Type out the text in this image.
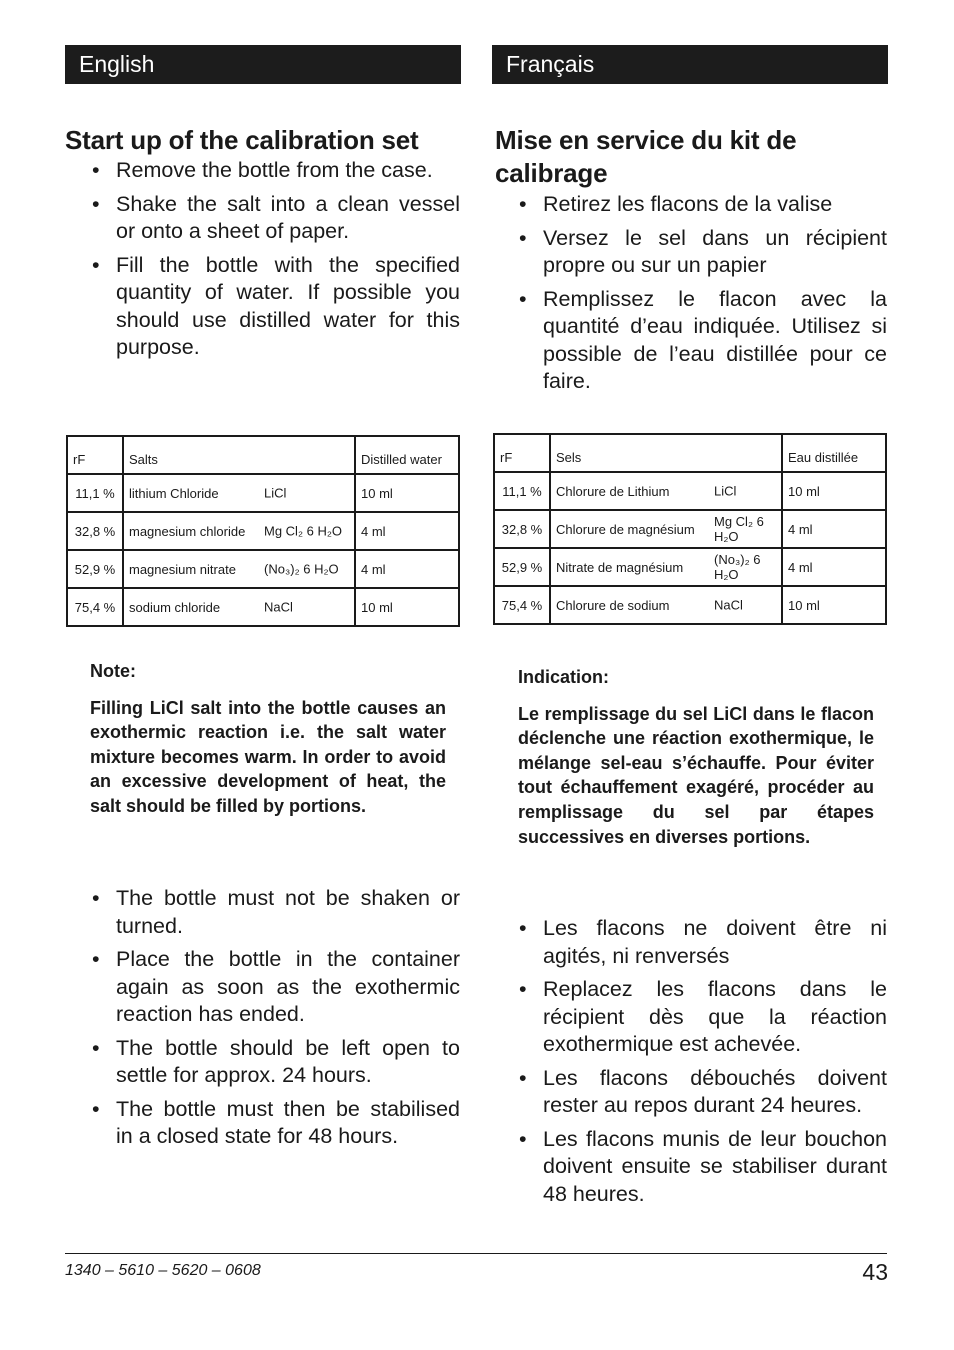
English
Start up of the calibration set
• Remove the bottle from the case.
• Shake the salt into a clean vessel or onto a sheet of paper.
• Fill the bottle with the specified quantity of water. If possible you should use distilled water for this purpose.
rF	Salts	Distilled water
11,1 %	lithium Chloride LiCl	10 ml
32,8 %	magnesium chloride Mg Cl₂ 6 H₂O	4 ml
52,9 %	magnesium nitrate (No₃)₂ 6 H₂O	4 ml
75,4 %	sodium chloride NaCl	10 ml
Note:
Filling LiCl salt into the bottle causes an exothermic reaction i.e. the salt water mixture becomes warm. In order to avoid an excessive development of heat, the salt should be filled by portions.
• The bottle must not be shaken or turned.
• Place the bottle in the container again as soon as the exothermic reaction has ended.
• The bottle should be left open to settle for approx. 24 hours.
• The bottle must then be stabilised in a closed state for 48 hours.
Français
Mise en service du kit de calibrage
• Retirez les flacons de la valise
• Versez le sel dans un récipient propre ou sur un papier
• Remplissez le flacon avec la quantité d’eau indiquée. Utilisez si possible de l’eau distillée pour ce faire.
rF	Sels	Eau distillée
11,1 %	Chlorure de Lithium LiCl	10 ml
32,8 %	Chlorure de magnésium Mg Cl₂ 6 H₂O	4 ml
52,9 %	Nitrate de magnésium (No₃)₂ 6 H₂O	4 ml
75,4 %	Chlorure de sodium NaCl	10 ml
Indication:
Le remplissage du sel LiCl dans le flacon déclenche une réaction exothermique, le mélange sel-eau s’échauffe. Pour éviter tout échauffement exagéré, procéder au remplissage du sel par étapes successives en diverses portions.
• Les flacons ne doivent être ni agités, ni renversés
• Replacez les flacons dans le récipient dès que la réaction exothermique est achevée.
• Les flacons débouchés doivent rester au repos durant 24 heures.
• Les flacons munis de leur bouchon doivent ensuite se stabiliser durant 48 heures.
1340 – 5610 – 5620 – 0608	43
